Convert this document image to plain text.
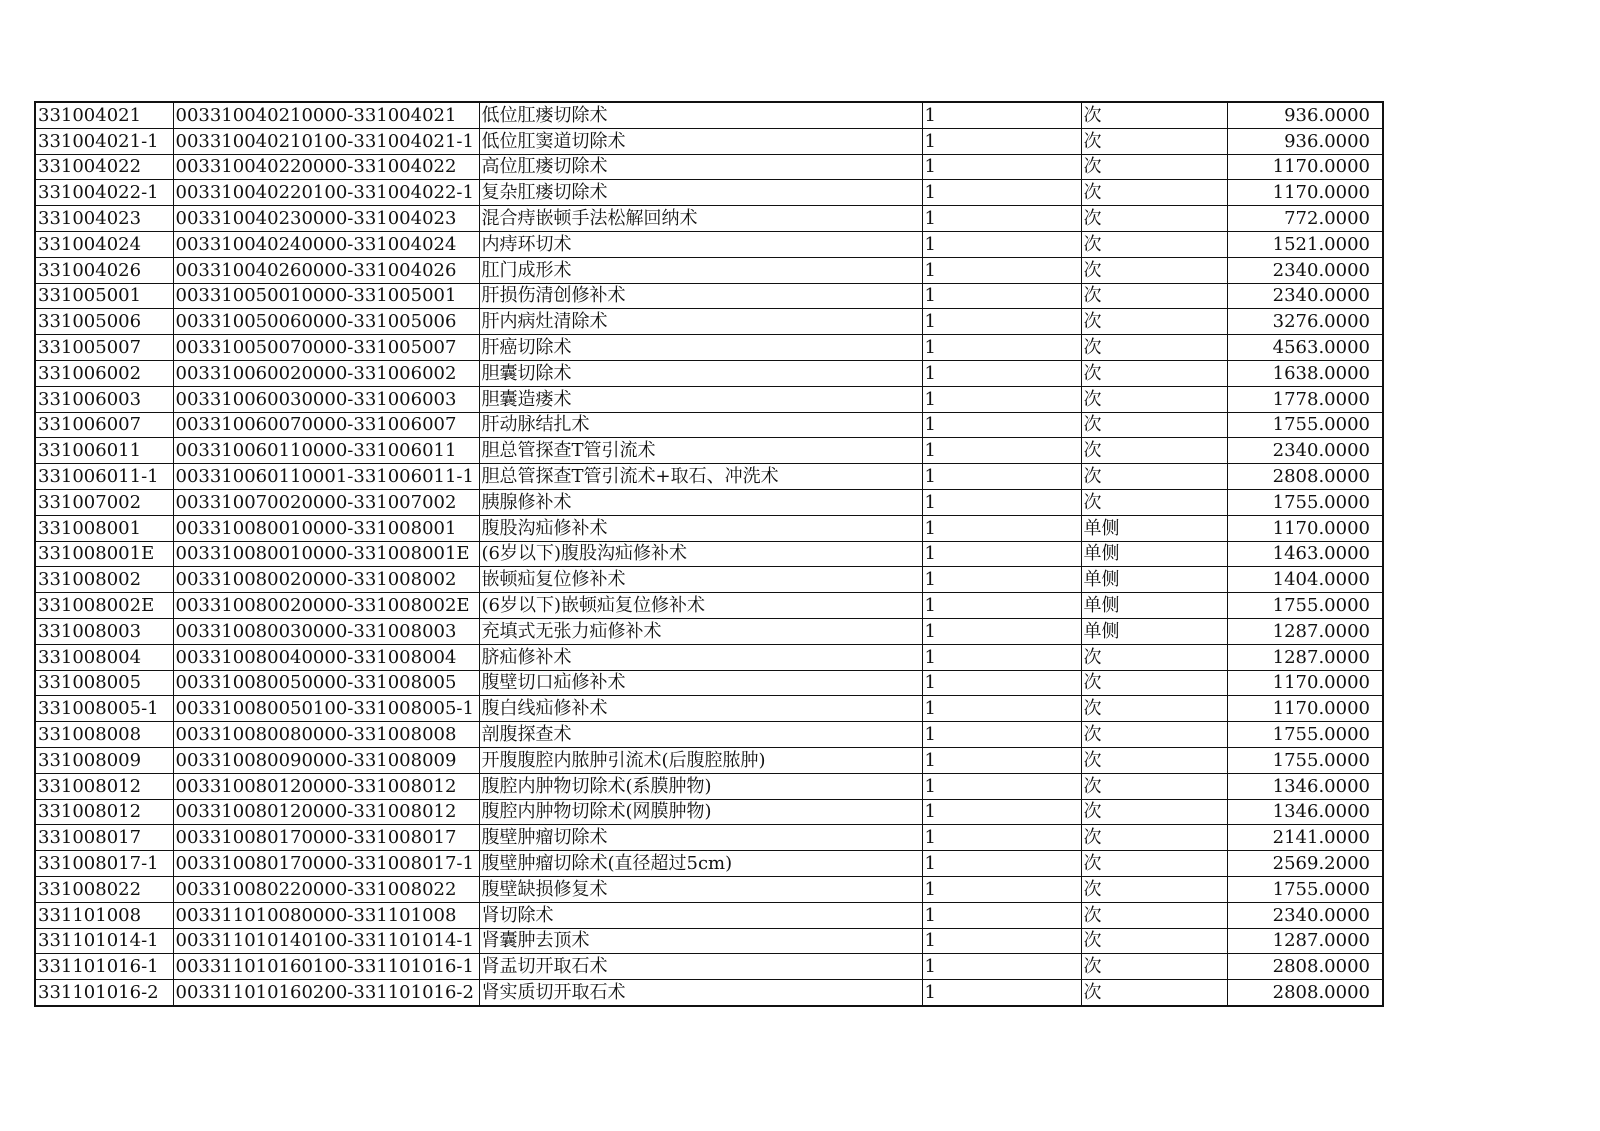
331004021	003310040210000-331004021	低位肛瘘切除术	1	次	936.0000
331004021-1	003310040210100-331004021-1	低位肛窦道切除术	1	次	936.0000
331004022	003310040220000-331004022	高位肛瘘切除术	1	次	1170.0000
331004022-1	003310040220100-331004022-1	复杂肛瘘切除术	1	次	1170.0000
331004023	003310040230000-331004023	混合痔嵌顿手法松解回纳术	1	次	772.0000
331004024	003310040240000-331004024	内痔环切术	1	次	1521.0000
331004026	003310040260000-331004026	肛门成形术	1	次	2340.0000
331005001	003310050010000-331005001	肝损伤清创修补术	1	次	2340.0000
331005006	003310050060000-331005006	肝内病灶清除术	1	次	3276.0000
331005007	003310050070000-331005007	肝癌切除术	1	次	4563.0000
331006002	003310060020000-331006002	胆囊切除术	1	次	1638.0000
331006003	003310060030000-331006003	胆囊造瘘术	1	次	1778.0000
331006007	003310060070000-331006007	肝动脉结扎术	1	次	1755.0000
331006011	003310060110000-331006011	胆总管探查T管引流术	1	次	2340.0000
331006011-1	003310060110001-331006011-1	胆总管探查T管引流术+取石、冲洗术	1	次	2808.0000
331007002	003310070020000-331007002	胰腺修补术	1	次	1755.0000
331008001	003310080010000-331008001	腹股沟疝修补术	1	单侧	1170.0000
331008001E	003310080010000-331008001E	(6岁以下)腹股沟疝修补术	1	单侧	1463.0000
331008002	003310080020000-331008002	嵌顿疝复位修补术	1	单侧	1404.0000
331008002E	003310080020000-331008002E	(6岁以下)嵌顿疝复位修补术	1	单侧	1755.0000
331008003	003310080030000-331008003	充填式无张力疝修补术	1	单侧	1287.0000
331008004	003310080040000-331008004	脐疝修补术	1	次	1287.0000
331008005	003310080050000-331008005	腹壁切口疝修补术	1	次	1170.0000
331008005-1	003310080050100-331008005-1	腹白线疝修补术	1	次	1170.0000
331008008	003310080080000-331008008	剖腹探查术	1	次	1755.0000
331008009	003310080090000-331008009	开腹腹腔内脓肿引流术(后腹腔脓肿)	1	次	1755.0000
331008012	003310080120000-331008012	腹腔内肿物切除术(系膜肿物)	1	次	1346.0000
331008012	003310080120000-331008012	腹腔内肿物切除术(网膜肿物)	1	次	1346.0000
331008017	003310080170000-331008017	腹壁肿瘤切除术	1	次	2141.0000
331008017-1	003310080170000-331008017-1	腹壁肿瘤切除术(直径超过5cm)	1	次	2569.2000
331008022	003310080220000-331008022	腹壁缺损修复术	1	次	1755.0000
331101008	003311010080000-331101008	肾切除术	1	次	2340.0000
331101014-1	003311010140100-331101014-1	肾囊肿去顶术	1	次	1287.0000
331101016-1	003311010160100-331101016-1	肾盂切开取石术	1	次	2808.0000
331101016-2	003311010160200-331101016-2	肾实质切开取石术	1	次	2808.0000
